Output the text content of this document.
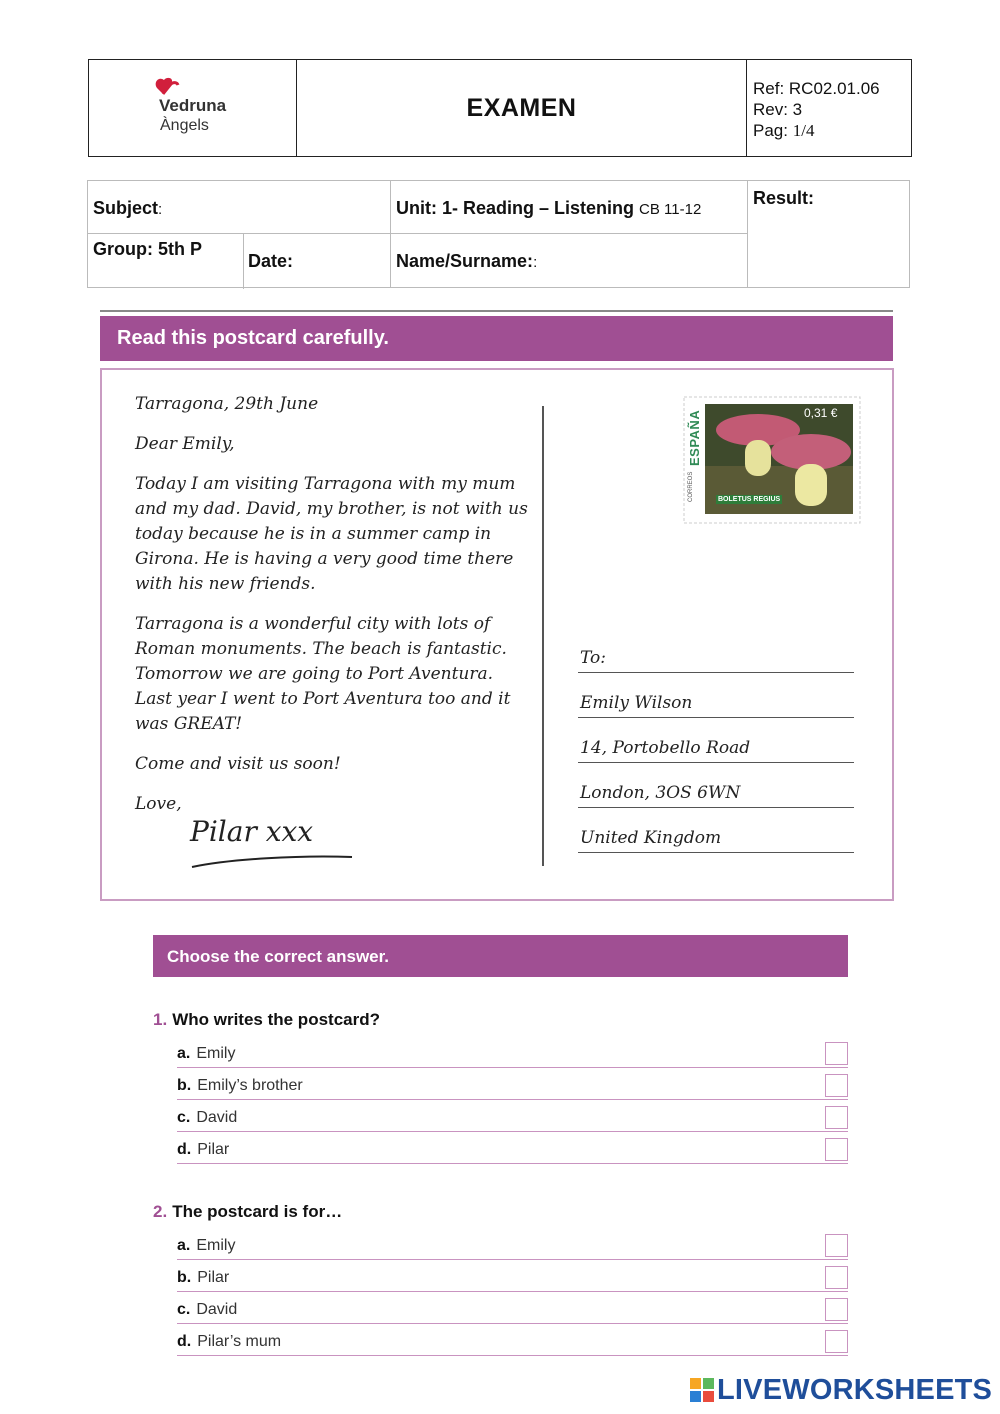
Vedruna
Àngels
EXAMEN
Ref: RC02.01.06
Rev: 3
Pag: 1/4
Subject:	Unit: 1- Reading – Listening CB 11-12
Result:
Group: 5th P
Date:	Name/Surname::
Read this postcard carefully.

Tarragona, 29th June

Dear Emily,

Today I am visiting Tarragona with my mum and my dad. David, my brother, is not with us today because he is in a summer camp in Girona. He is having a very good time there with his new friends.

Tarragona is a wonderful city with lots of Roman monuments. The beach is fantastic. Tomorrow we are going to Port Aventura. Last year I went to Port Aventura too and it was GREAT!

Come and visit us soon!

Love,

Pilar xxx
ESPAÑA
CORREOS
0,31 €
BOLETUS REGIUS
To:
Emily Wilson
14, Portobello Road
London, 3OS 6WN
United Kingdom
Choose the correct answer.
1. Who writes the postcard?
a. Emily
b. Emily’s brother
c. David
d. Pilar
2. The postcard is for…
a. Emily
b. Pilar
c. David
d. Pilar’s mum
LIVEWORKSHEETS
